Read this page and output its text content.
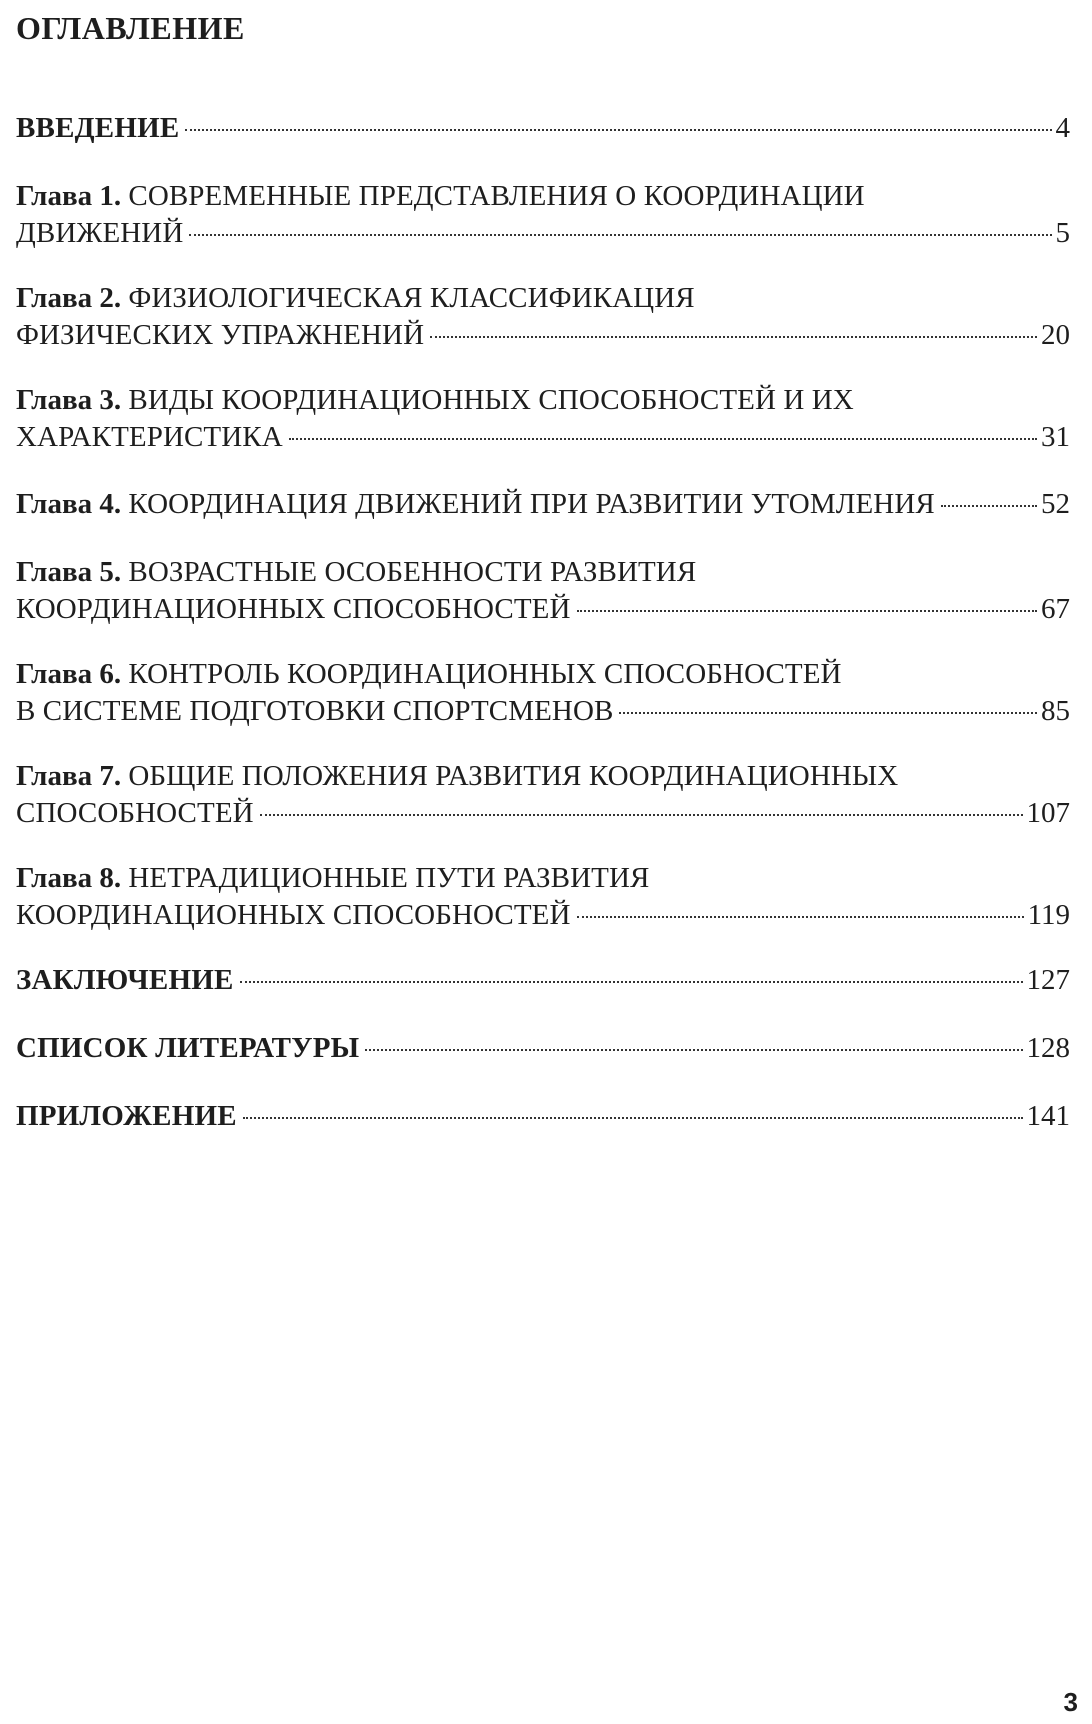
ОГЛАВЛЕНИЕ
ВВЕДЕНИЕ	4
Глава 1.
СОВРЕМЕННЫЕ ПРЕДСТАВЛЕНИЯ О КООРДИНАЦИИ
ДВИЖЕНИЙ	5
Глава 2.
ФИЗИОЛОГИЧЕСКАЯ КЛАССИФИКАЦИЯ
ФИЗИЧЕСКИХ УПРАЖНЕНИЙ	20
Глава 3.
ВИДЫ КООРДИНАЦИОННЫХ СПОСОБНОСТЕЙ И ИХ
ХАРАКТЕРИСТИКА	31
Глава 4.
КООРДИНАЦИЯ ДВИЖЕНИЙ ПРИ РАЗВИТИИ УТОМЛЕНИЯ	52
Глава 5.
ВОЗРАСТНЫЕ ОСОБЕННОСТИ РАЗВИТИЯ
КООРДИНАЦИОННЫХ СПОСОБНОСТЕЙ	67
Глава 6.
КОНТРОЛЬ КООРДИНАЦИОННЫХ СПОСОБНОСТЕЙ
В СИСТЕМЕ ПОДГОТОВКИ СПОРТСМЕНОВ	85
Глава 7.
ОБЩИЕ ПОЛОЖЕНИЯ РАЗВИТИЯ КООРДИНАЦИОННЫХ
СПОСОБНОСТЕЙ	107
Глава 8.
НЕТРАДИЦИОННЫЕ ПУТИ РАЗВИТИЯ
КООРДИНАЦИОННЫХ СПОСОБНОСТЕЙ	119
ЗАКЛЮЧЕНИЕ	127
СПИСОК ЛИТЕРАТУРЫ	128
ПРИЛОЖЕНИЕ	141
3
